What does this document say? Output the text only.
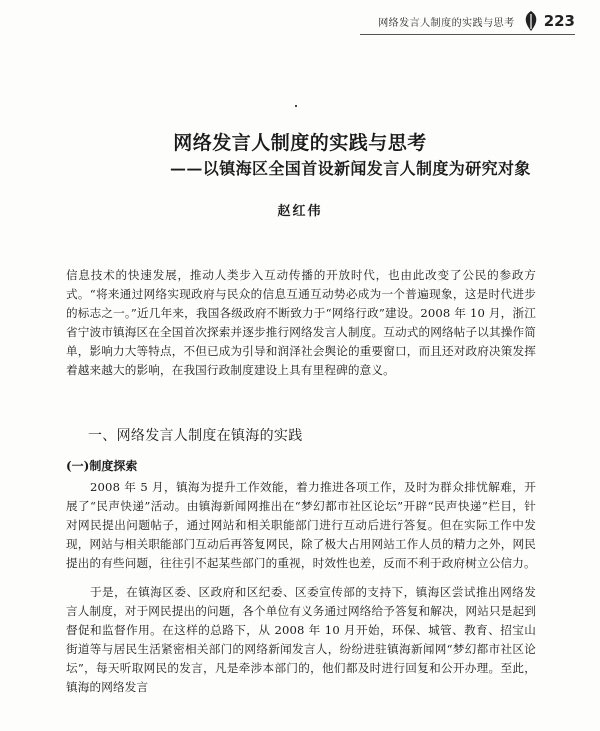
网络发言人制度的实践与思考 223
网络发言人制度的实践与思考
——以镇海区全国首设新闻发言人制度为研究对象
赵红伟

信息技术的快速发展，推动人类步入互动传播的开放时代，也由此改变了公民的参政方式。“将来通过网络实现政府与民众的信息互通互动势必成为一个普遍现象，这是时代进步的标志之一。”近几年来，我国各级政府不断致力于“网络行政”建设。2008 年 10 月，浙江省宁波市镇海区在全国首次探索并逐步推行网络发言人制度。互动式的网络帖子以其操作简单，影响力大等特点，不但已成为引导和润泽社会舆论的重要窗口，而且还对政府决策发挥着越来越大的影响，在我国行政制度建设上具有里程碑的意义。

一、网络发言人制度在镇海的实践
(一)制度探索

2008 年 5 月，镇海为提升工作效能，着力推进各项工作，及时为群众排忧解难，开展了“民声快递”活动。由镇海新闻网推出在“梦幻都市社区论坛”开辟“民声快递”栏目，针对网民提出问题帖子，通过网站和相关职能部门进行互动后进行答复。但在实际工作中发现，网站与相关职能部门互动后再答复网民，除了极大占用网站工作人员的精力之外，网民提出的有些问题，往往引不起某些部门的重视，时效性也差，反而不利于政府树立公信力。

于是，在镇海区委、区政府和区纪委、区委宣传部的支持下，镇海区尝试推出网络发言人制度，对于网民提出的问题，各个单位有义务通过网络给予答复和解决，网站只是起到督促和监督作用。在这样的总路下，从 2008 年 10 月开始，环保、城管、教育、招宝山街道等与居民生活紧密相关部门的网络新闻发言人，纷纷进驻镇海新闻网“梦幻都市社区论坛”，每天听取网民的发言，凡是牵涉本部门的，他们都及时进行回复和公开办理。至此，镇海的网络发言
